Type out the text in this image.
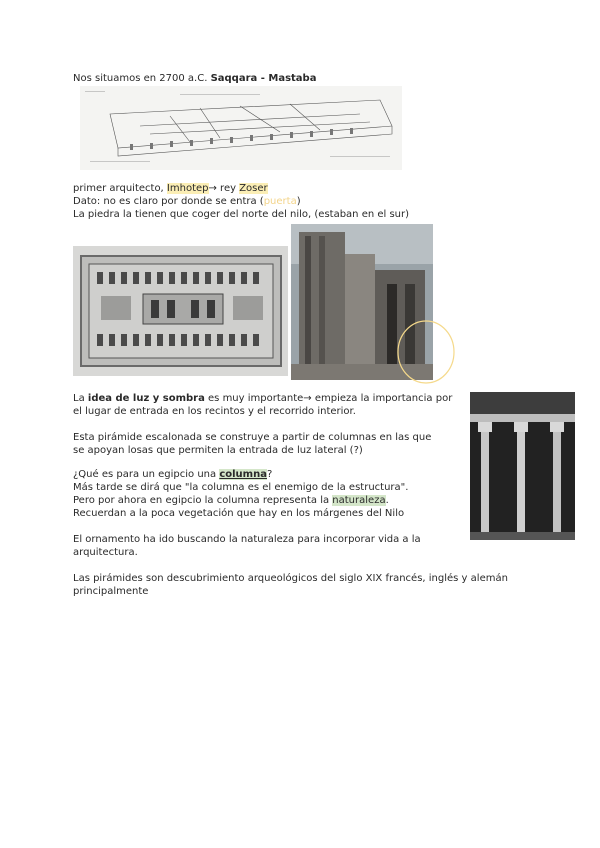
Nos situamos en 2700 a.C. Saqqara - Mastaba
primer arquitecto, Imhotep→ rey Zoser
Dato: no es claro por donde se entra (puerta)
La piedra la tienen que coger del norte del nilo, (estaban en el sur)
La idea de luz y sombra es muy importante→ empieza la importancia por
el lugar de entrada en los recintos y el recorrido interior.
Esta pirámide escalonada se construye a partir de columnas en las que
se apoyan losas que permiten la entrada de luz lateral (?)
¿Qué es para un egipcio una columna?
Más tarde se dirá que "la columna es el enemigo de la estructura".
Pero por ahora en egipcio la columna representa la naturaleza.
Recuerdan a la poca vegetación que hay en los márgenes del Nilo
El ornamento ha ido buscando la naturaleza para incorporar vida a la
arquitectura.
Las pirámides son descubrimiento arqueológicos del siglo XIX francés, inglés y alemán
principalmente
